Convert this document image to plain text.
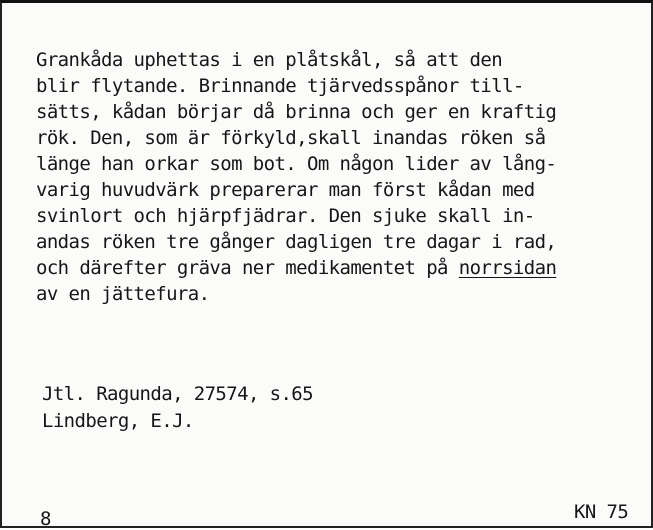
Grankåda uphettas i en plåtskål, så att den
blir flytande. Brinnande tjärvedsspånor till-
sätts, kådan börjar då brinna och ger en kraftig
rök. Den, som är förkyld,skall inandas röken så
länge han orkar som bot. Om någon lider av lång-
varig huvudvärk preparerar man först kådan med
svinlort och hjärpfjädrar. Den sjuke skall in-
andas röken tre gånger dagligen tre dagar i rad,
och därefter gräva ner medikamentet på norrsidan
av en jättefura.
Jtl. Ragunda, 27574, s.65
Lindberg, E.J.
8	KN 75
